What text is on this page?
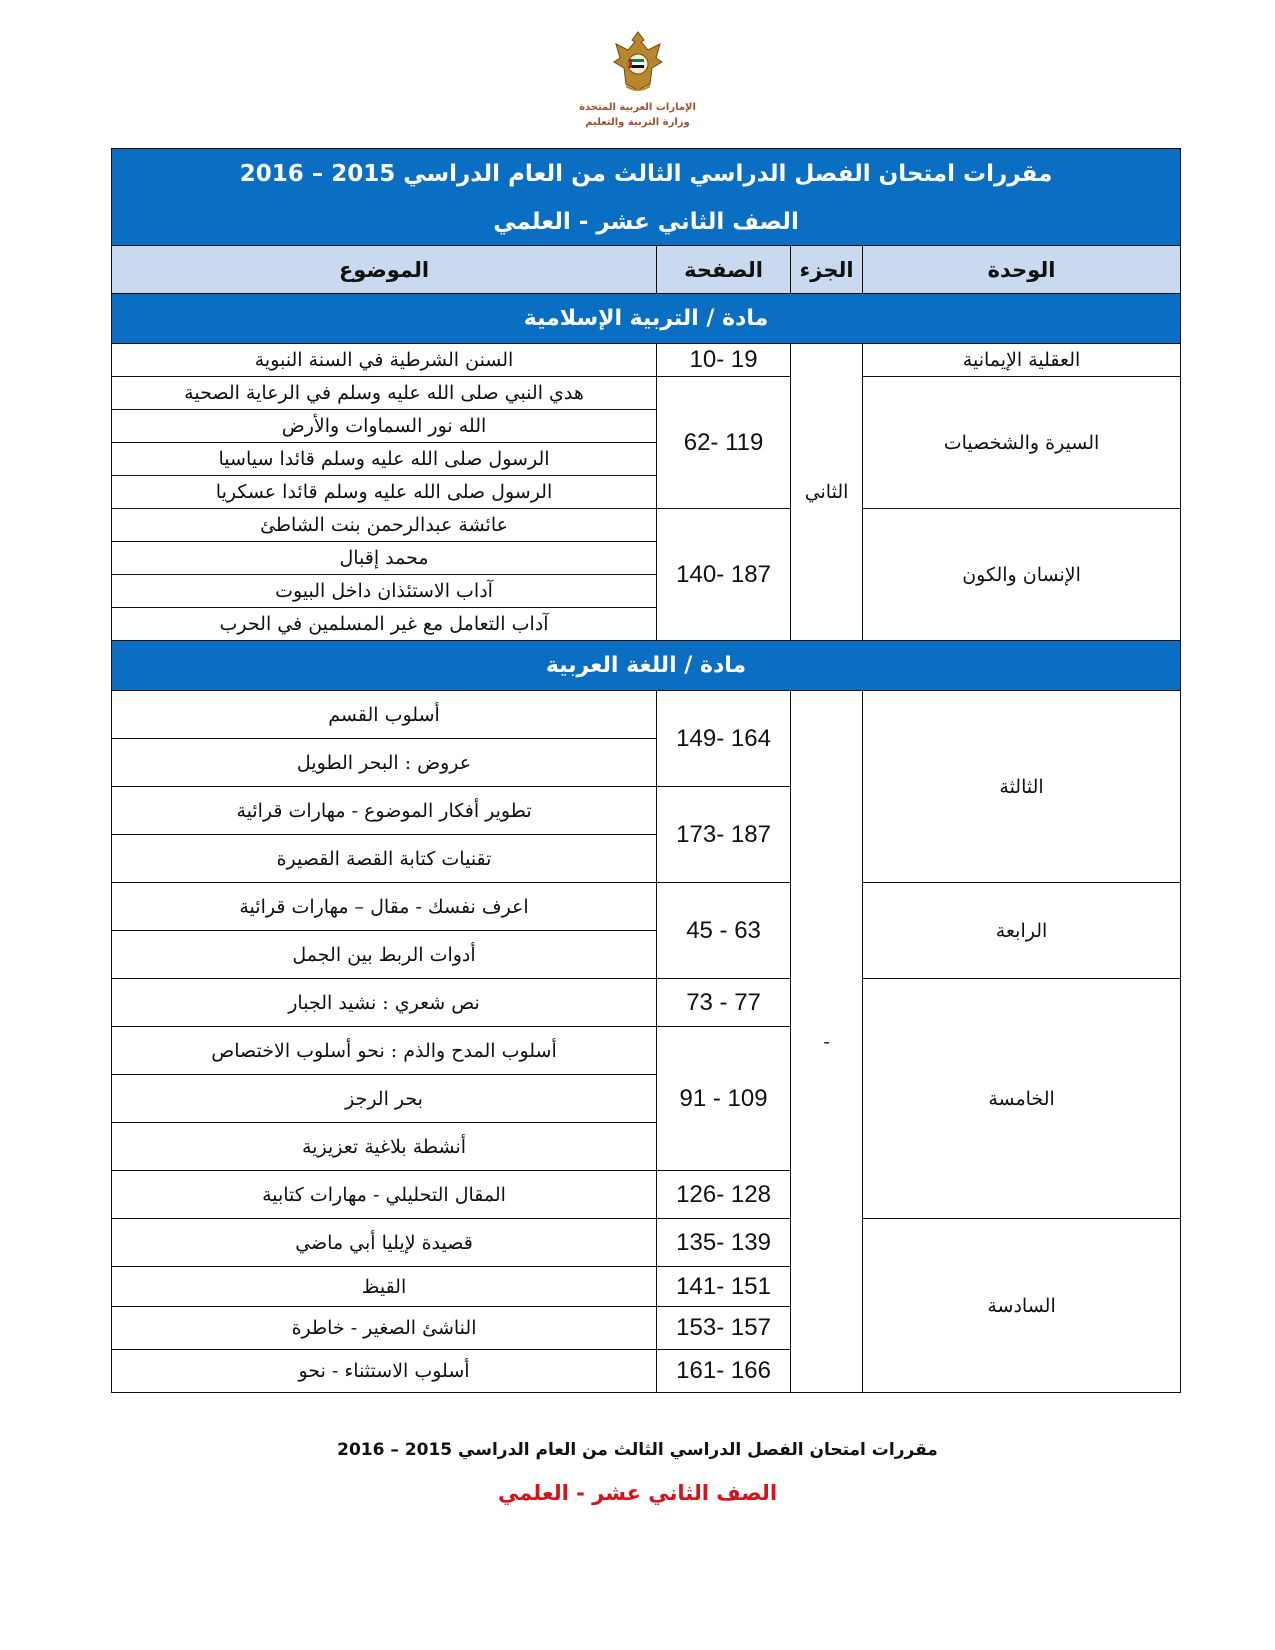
الإمارات العربية المتحدة
وزارة التربية والتعليم
مقررات امتحان الفصل الدراسي الثالث من العام الدراسي 2015 – 2016			
الصف الثاني عشر - العلمي			
الوحدة	الجزء	الصفحة	الموضوع
مادة / التربية الإسلامية			
العقلية الإيمانية	الثاني	10- 19	السنن الشرطية في السنة النبوية
السيرة والشخصيات		62- 119	هدي النبي صلى الله عليه وسلم في الرعاية الصحية
			الله نور السماوات والأرض
			الرسول صلى الله عليه وسلم قائدا سياسيا
			الرسول صلى الله عليه وسلم قائدا عسكريا
الإنسان والكون		140- 187	عائشة عبدالرحمن بنت الشاطئ
			محمد إقبال
			آداب الاستئذان داخل البيوت
			آداب التعامل مع غير المسلمين في الحرب
مادة / اللغة العربية			
الثالثة	-	149- 164	أسلوب القسم
			عروض : البحر الطويل
		173- 187	تطوير أفكار الموضوع - مهارات قرائية
			تقنيات كتابة القصة القصيرة
الرابعة		45 - 63	اعرف نفسك - مقال – مهارات قرائية
			أدوات الربط بين الجمل
الخامسة		73 - 77	نص شعري : نشيد الجبار
		91 - 109	أسلوب المدح والذم : نحو أسلوب الاختصاص
			بحر الرجز
			أنشطة بلاغية تعزيزية
		126- 128	المقال التحليلي - مهارات كتابية
السادسة		135- 139	قصيدة لإيليا أبي ماضي
		141- 151	القيظ
		153- 157	الناشئ الصغير - خاطرة
		161- 166	أسلوب الاستثناء - نحو
مقررات امتحان الفصل الدراسي الثالث من العام الدراسي 2015 – 2016
الصف الثاني عشر - العلمي
